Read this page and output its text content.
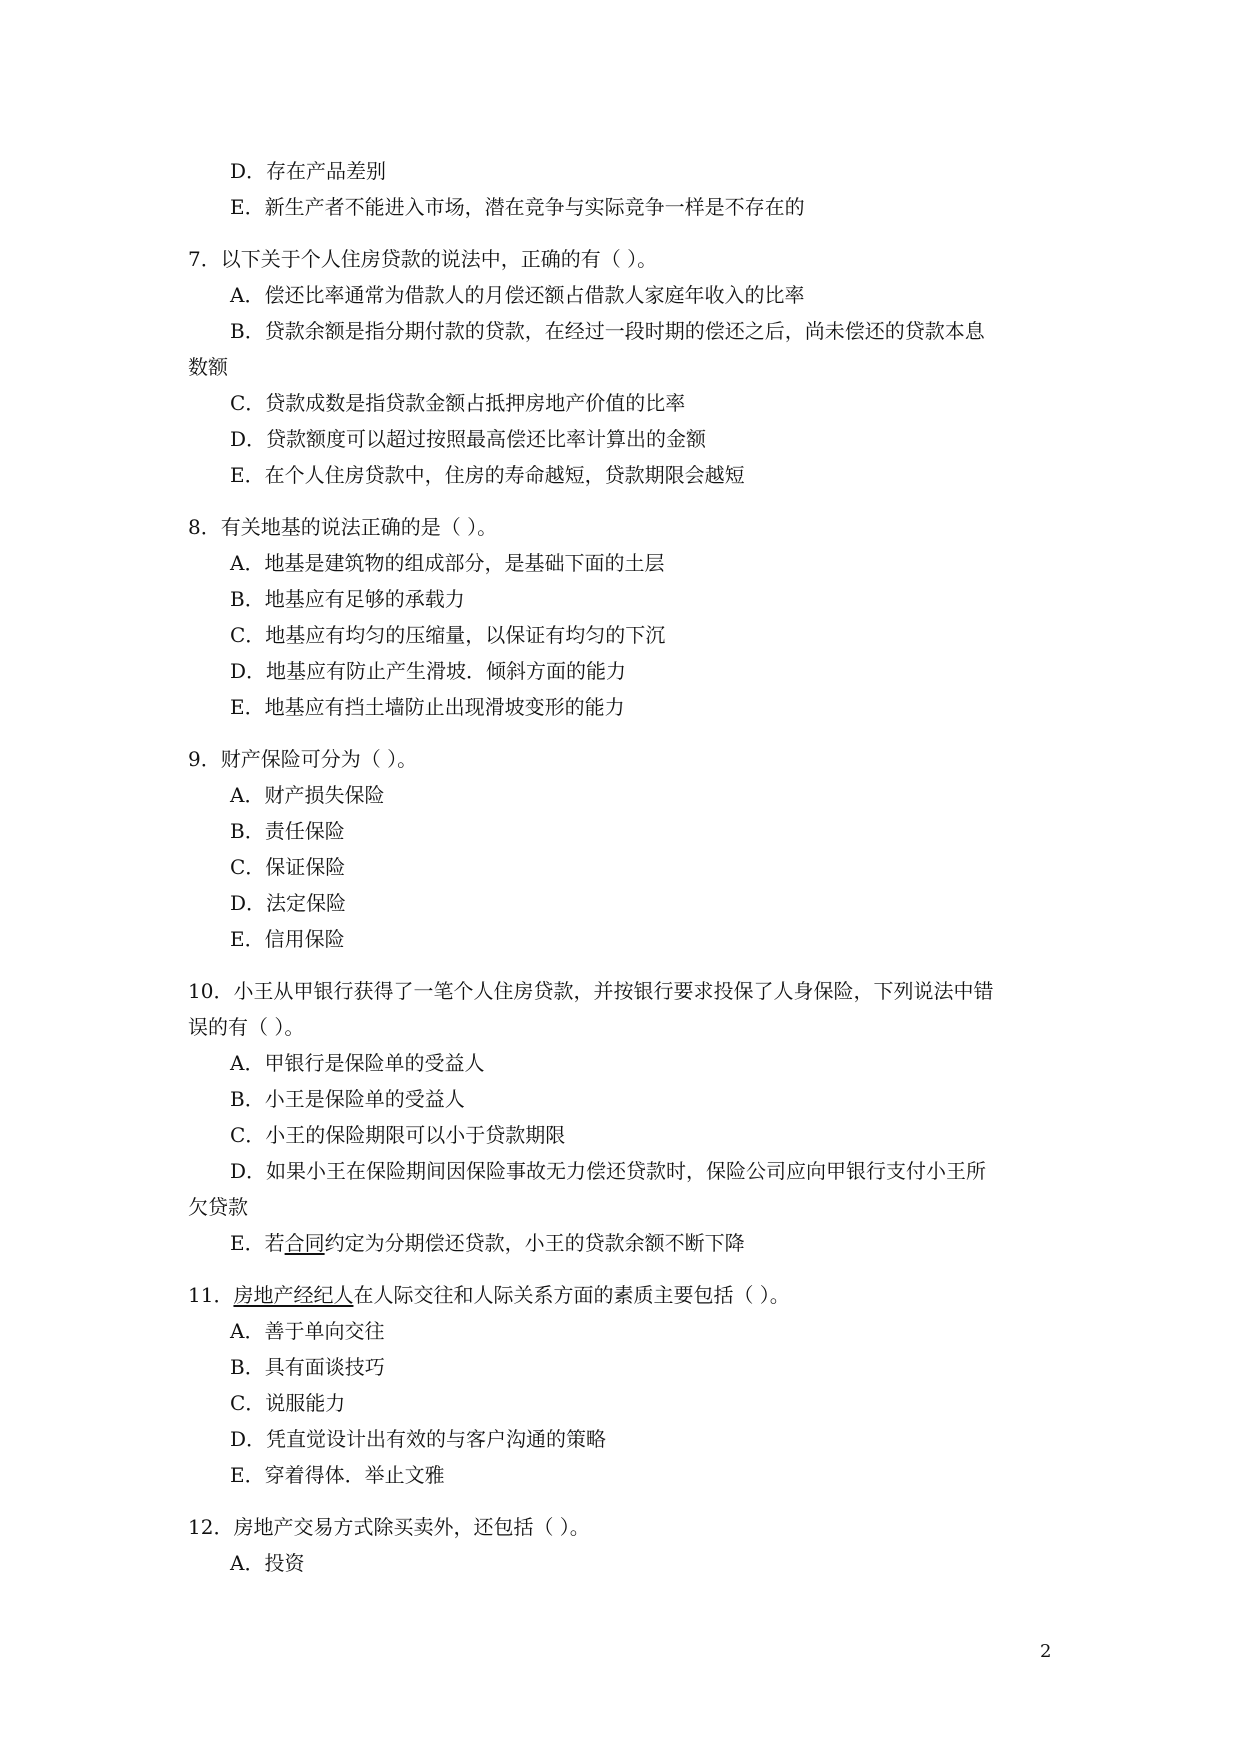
D．存在产品差别
E．新生产者不能进入市场，潜在竞争与实际竞争一样是不存在的
7．以下关于个人住房贷款的说法中，正确的有（ ）。
A．偿还比率通常为借款人的月偿还额占借款人家庭年收入的比率
B．贷款余额是指分期付款的贷款，在经过一段时期的偿还之后，尚未偿还的贷款本息
数额
C．贷款成数是指贷款金额占抵押房地产价值的比率
D．贷款额度可以超过按照最高偿还比率计算出的金额
E．在个人住房贷款中，住房的寿命越短，贷款期限会越短
8．有关地基的说法正确的是（ ）。
A．地基是建筑物的组成部分，是基础下面的土层
B．地基应有足够的承载力
C．地基应有均匀的压缩量，以保证有均匀的下沉
D．地基应有防止产生滑坡．倾斜方面的能力
E．地基应有挡土墙防止出现滑坡变形的能力
9．财产保险可分为（ ）。
A．财产损失保险
B．责任保险
C．保证保险
D．法定保险
E．信用保险
10．小王从甲银行获得了一笔个人住房贷款，并按银行要求投保了人身保险，下列说法中错
误的有（ ）。
A．甲银行是保险单的受益人
B．小王是保险单的受益人
C．小王的保险期限可以小于贷款期限
D．如果小王在保险期间因保险事故无力偿还贷款时，保险公司应向甲银行支付小王所
欠贷款
E．若合同约定为分期偿还贷款，小王的贷款余额不断下降
11．房地产经纪人在人际交往和人际关系方面的素质主要包括（ ）。
A．善于单向交往
B．具有面谈技巧
C．说服能力
D．凭直觉设计出有效的与客户沟通的策略
E．穿着得体．举止文雅
12．房地产交易方式除买卖外，还包括（ ）。
A．投资
2
